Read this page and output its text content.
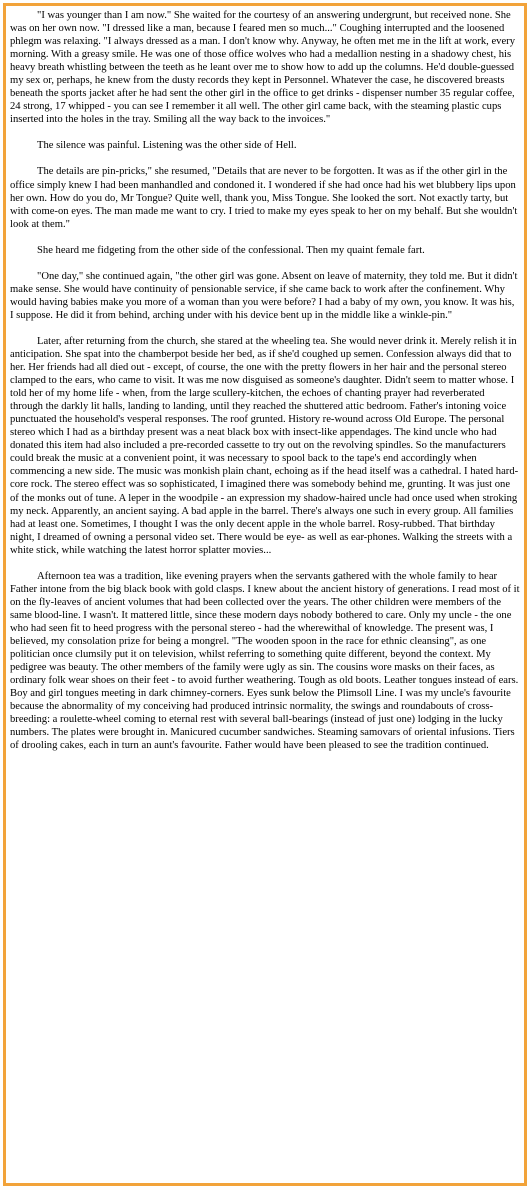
"I was younger than I am now." She waited for the courtesy of an answering undergrunt, but received none. She was on her own now. "I dressed like a man, because I feared men so much..." Coughing interrupted and the loosened phlegm was relaxing. "I always dressed as a man. I don't know why. Anyway, he often met me in the lift at work, every morning. With a greasy smile. He was one of those office wolves who had a medallion nesting in a shadowy chest, his heavy breath whistling between the teeth as he leant over me to show how to add up the columns. He'd double-guessed my sex or, perhaps, he knew from the dusty records they kept in Personnel. Whatever the case, he discovered breasts beneath the sports jacket after he had sent the other girl in the office to get drinks - dispenser number 35 regular coffee, 24 strong, 17 whipped - you can see I remember it all well. The other girl came back, with the steaming plastic cups inserted into the holes in the tray. Smiling all the way back to the invoices."

The silence was painful. Listening was the other side of Hell.

The details are pin-pricks," she resumed, "Details that are never to be forgotten. It was as if the other girl in the office simply knew I had been manhandled and condoned it. I wondered if she had once had his wet blubbery lips upon her own. How do you do, Mr Tongue? Quite well, thank you, Miss Tongue. She looked the sort. Not exactly tarty, but with come-on eyes. The man made me want to cry. I tried to make my eyes speak to her on my behalf. But she wouldn't look at them."

She heard me fidgeting from the other side of the confessional. Then my quaint female fart.

"One day," she continued again, "the other girl was gone. Absent on leave of maternity, they told me. But it didn't make sense. She would have continuity of pensionable service, if she came back to work after the confinement. Why would having babies make you more of a woman than you were before? I had a baby of my own, you know. It was his, I suppose. He did it from behind, arching under with his device bent up in the middle like a winkle-pin."

Later, after returning from the church, she stared at the wheeling tea. She would never drink it. Merely relish it in anticipation. She spat into the chamberpot beside her bed, as if she'd coughed up semen. Confession always did that to her. Her friends had all died out - except, of course, the one with the pretty flowers in her hair and the personal stereo clamped to the ears, who came to visit. It was me now disguised as someone's daughter. Didn't seem to matter whose. I told her of my home life - when, from the large scullery-kitchen, the echoes of chanting prayer had reverberated through the darkly lit halls, landing to landing, until they reached the shuttered attic bedroom. Father's intoning voice punctuated the household's vesperal responses. The roof grunted. History re-wound across Old Europe. The personal stereo which I had as a birthday present was a neat black box with insect-like appendages. The kind uncle who had donated this item had also included a pre-recorded cassette to try out on the revolving spindles. So the manufacturers could break the music at a convenient point, it was necessary to spool back to the tape's end accordingly when commencing a new side. The music was monkish plain chant, echoing as if the head itself was a cathedral. I hated hard-core rock. The stereo effect was so sophisticated, I imagined there was somebody behind me, grunting. It was just one of the monks out of tune. A leper in the woodpile - an expression my shadow-haired uncle had once used when stroking my neck. Apparently, an ancient saying. A bad apple in the barrel. There's always one such in every group. All families had at least one. Sometimes, I thought I was the only decent apple in the whole barrel. Rosy-rubbed. That birthday night, I dreamed of owning a personal video set. There would be eye- as well as ear-phones. Walking the streets with a white stick, while watching the latest horror splatter movies...

Afternoon tea was a tradition, like evening prayers when the servants gathered with the whole family to hear Father intone from the big black book with gold clasps. I knew about the ancient history of generations. I read most of it on the fly-leaves of ancient volumes that had been collected over the years. The other children were members of the same blood-line. I wasn't. It mattered little, since these modern days nobody bothered to care. Only my uncle - the one who had seen fit to heed progress with the personal stereo - had the wherewithal of knowledge. The present was, I believed, my consolation prize for being a mongrel. "The wooden spoon in the race for ethnic cleansing", as one politician once clumsily put it on television, whilst referring to something quite different, beyond the context. My pedigree was beauty. The other members of the family were ugly as sin. The cousins wore masks on their faces, as ordinary folk wear shoes on their feet - to avoid further weathering. Tough as old boots. Leather tongues instead of ears. Boy and girl tongues meeting in dark chimney-corners. Eyes sunk below the Plimsoll Line. I was my uncle's favourite because the abnormality of my conceiving had produced intrinsic normality, the swings and roundabouts of cross-breeding: a roulette-wheel coming to eternal rest with several ball-bearings (instead of just one) lodging in the lucky numbers. The plates were brought in. Manicured cucumber sandwiches. Steaming samovars of oriental infusions. Tiers of drooling cakes, each in turn an aunt's favourite. Father would have been pleased to see the tradition continued.
